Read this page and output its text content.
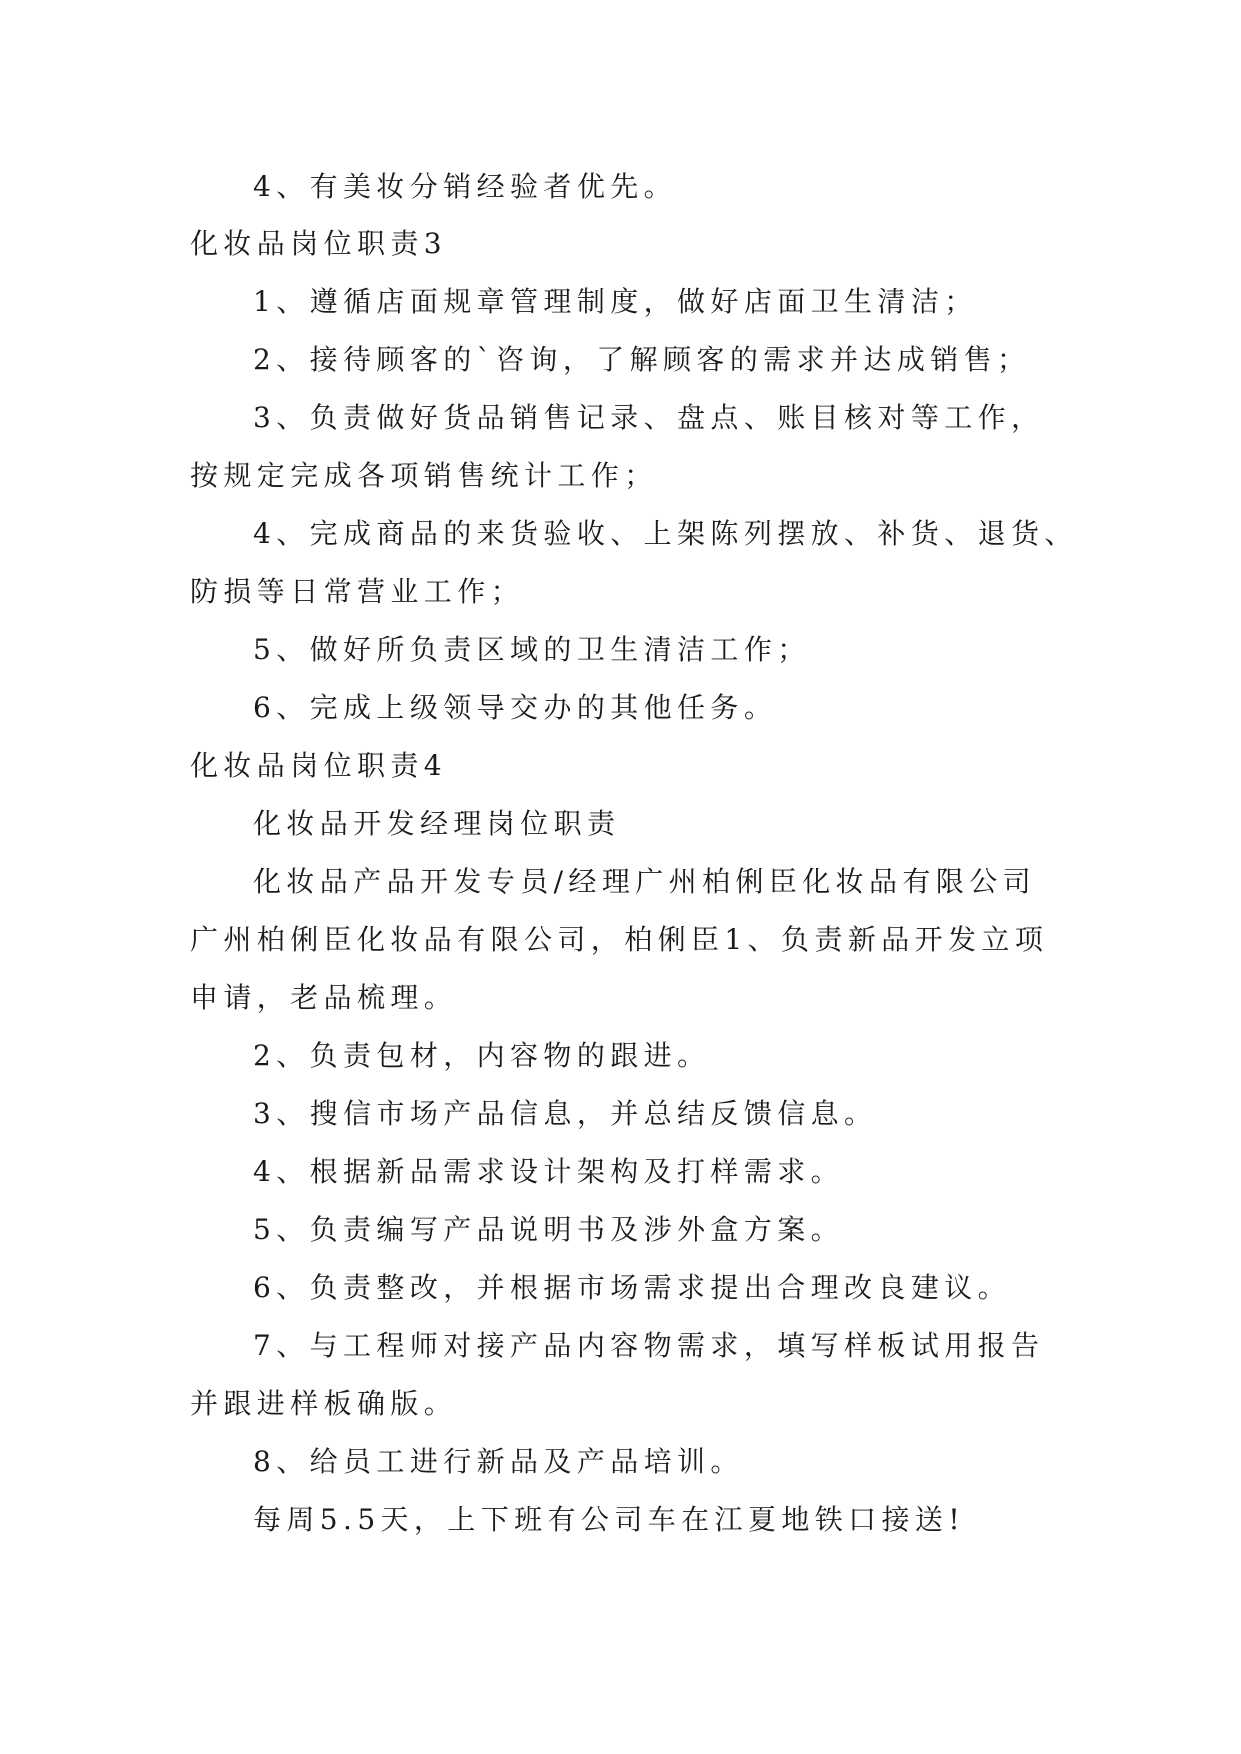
4、有美妆分销经验者优先。
化妆品岗位职责3
1、遵循店面规章管理制度，做好店面卫生清洁；
2、接待顾客的`咨询，了解顾客的需求并达成销售；
3、负责做好货品销售记录、盘点、账目核对等工作，
按规定完成各项销售统计工作；
4、完成商品的来货验收、上架陈列摆放、补货、退货、
防损等日常营业工作；
5、做好所负责区域的卫生清洁工作；
6、完成上级领导交办的其他任务。
化妆品岗位职责4
化妆品开发经理岗位职责
化妆品产品开发专员/经理广州柏俐臣化妆品有限公司
广州柏俐臣化妆品有限公司，柏俐臣1、负责新品开发立项
申请，老品梳理。
2、负责包材，内容物的跟进。
3、搜信市场产品信息，并总结反馈信息。
4、根据新品需求设计架构及打样需求。
5、负责编写产品说明书及涉外盒方案。
6、负责整改，并根据市场需求提出合理改良建议。
7、与工程师对接产品内容物需求，填写样板试用报告
并跟进样板确版。
8、给员工进行新品及产品培训。
每周5.5天，上下班有公司车在江夏地铁口接送!
